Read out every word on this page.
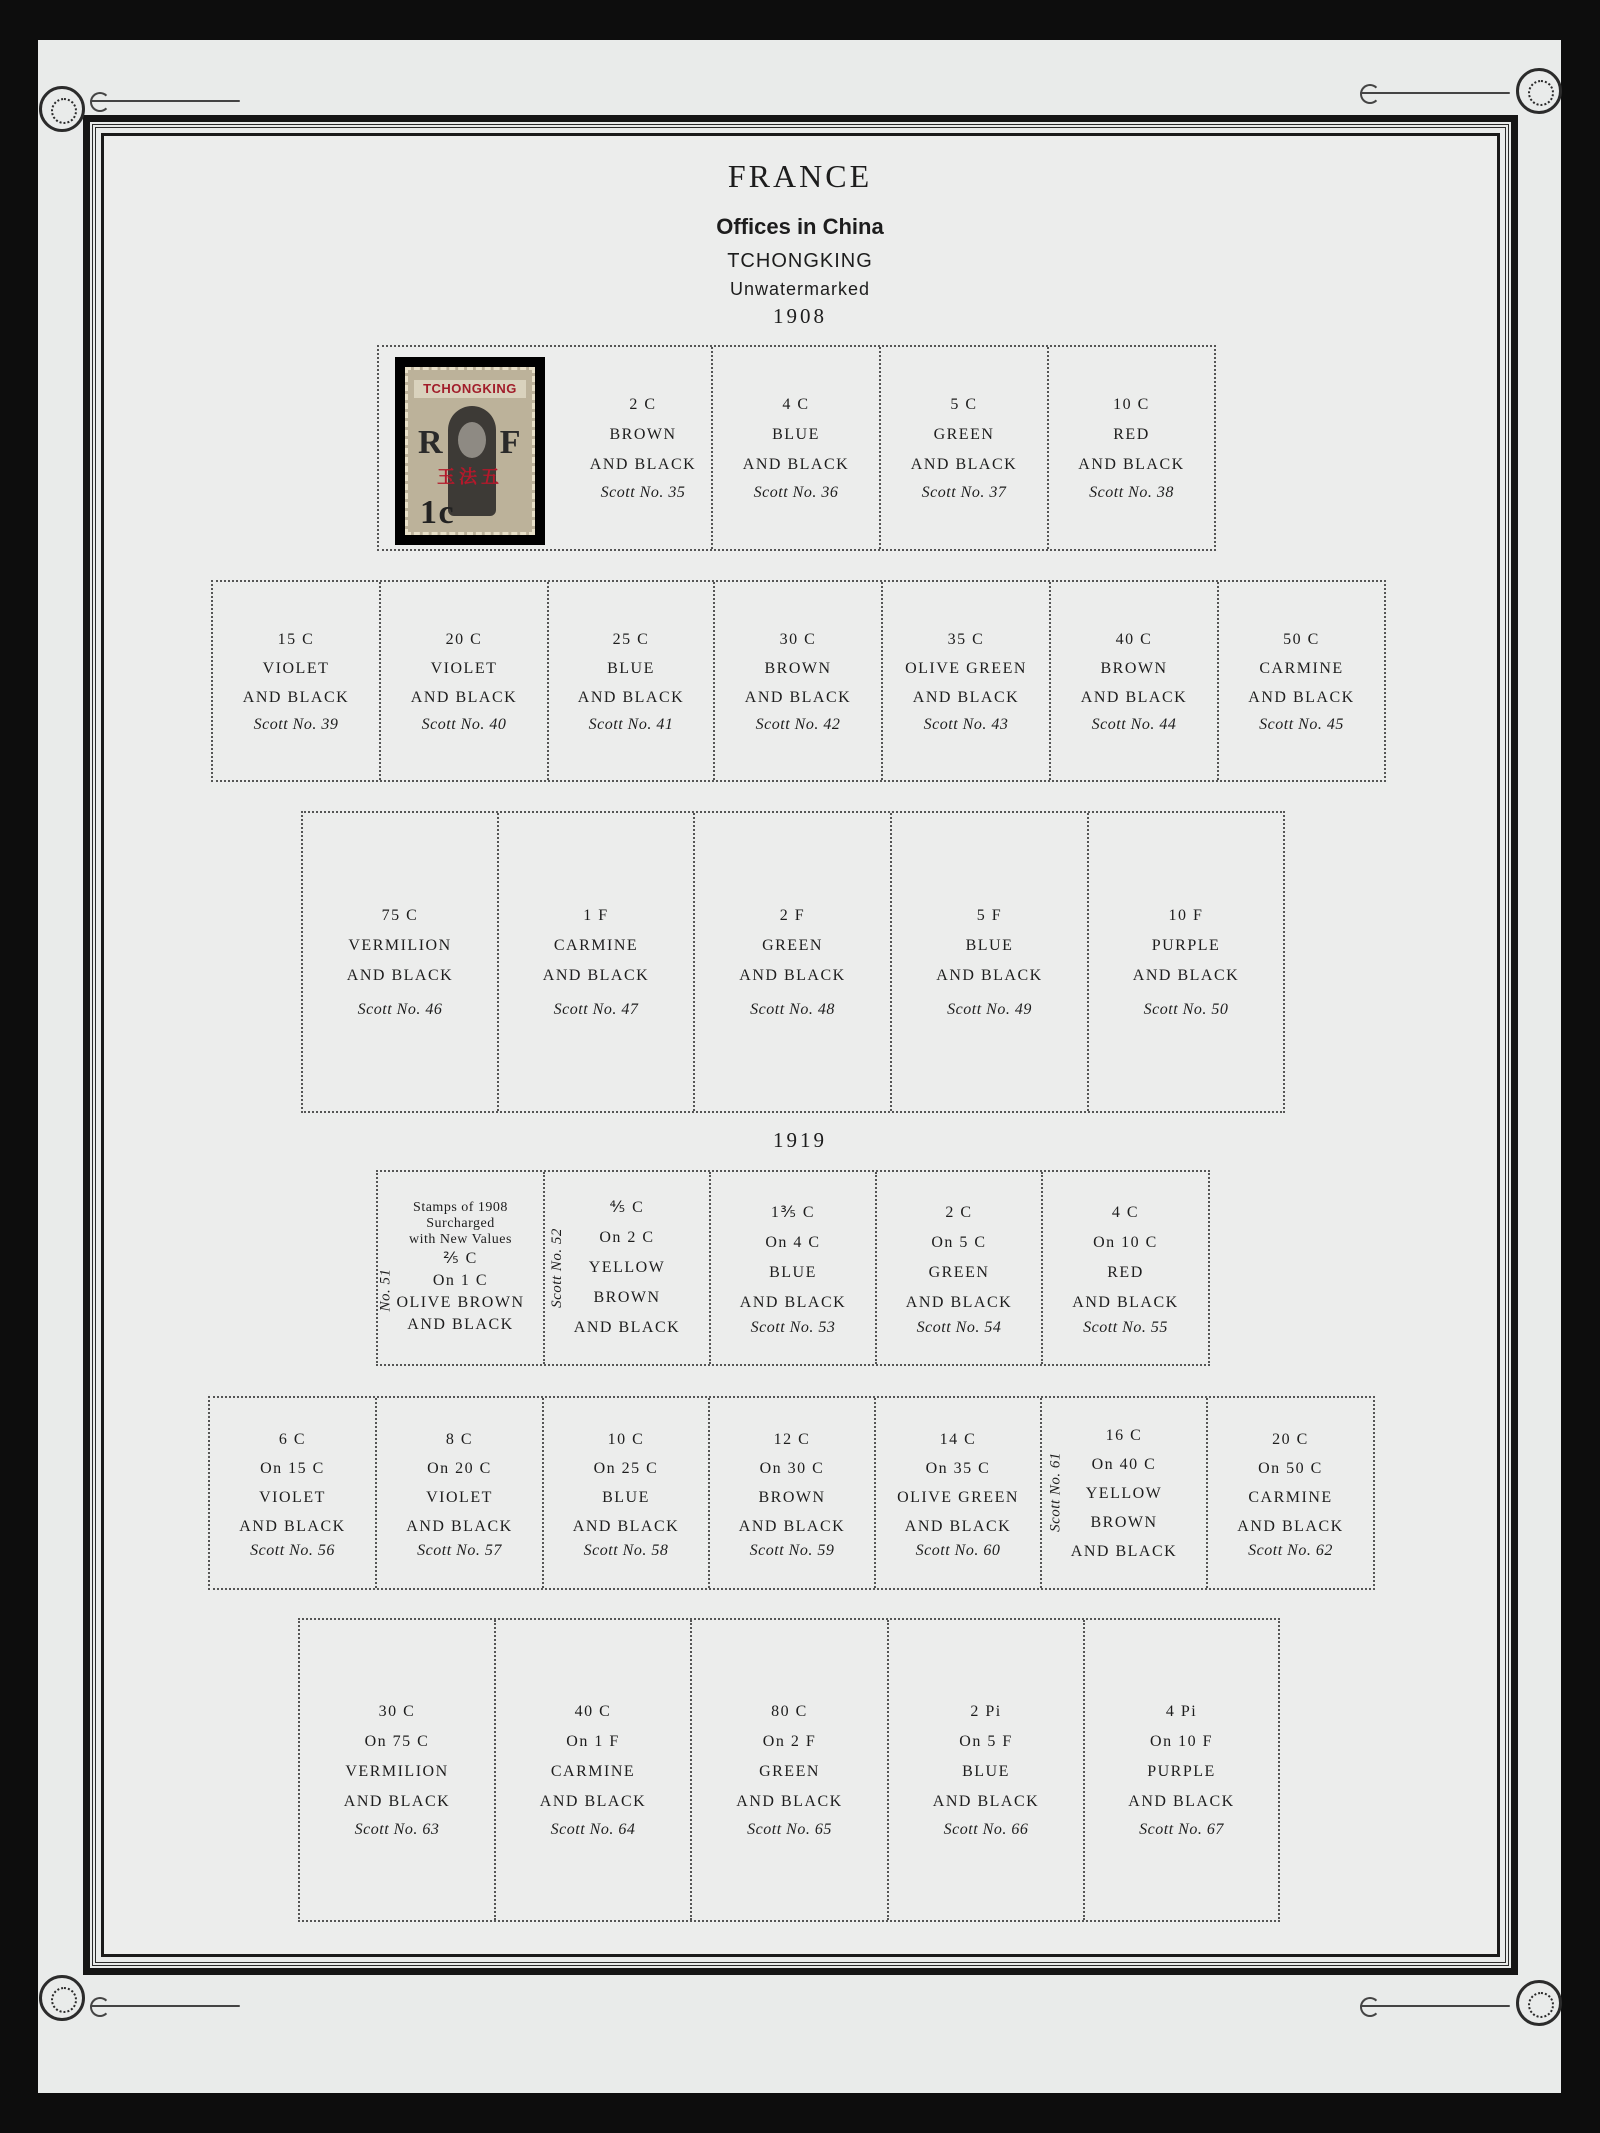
FRANCE
Offices in China
TCHONGKING
Unwatermarked
1908
1919
TCHONGKING
R F
玉法五
1c
2 C
BROWN
AND BLACK
Scott No. 35
4 C
BLUE
AND BLACK
Scott No. 36
5 C
GREEN
AND BLACK
Scott No. 37
10 C
RED
AND BLACK
Scott No. 38
15 C
VIOLET
AND BLACK
Scott No. 39
20 C
VIOLET
AND BLACK
Scott No. 40
25 C
BLUE
AND BLACK
Scott No. 41
30 C
BROWN
AND BLACK
Scott No. 42
35 C
OLIVE GREEN
AND BLACK
Scott No. 43
40 C
BROWN
AND BLACK
Scott No. 44
50 C
CARMINE
AND BLACK
Scott No. 45
75 C
VERMILION
AND BLACK
Scott No. 46
1 F
CARMINE
AND BLACK
Scott No. 47
2 F
GREEN
AND BLACK
Scott No. 48
5 F
BLUE
AND BLACK
Scott No. 49
10 F
PURPLE
AND BLACK
Scott No. 50
Stamps of 1908
Surcharged
with New Values
⅖ C
On 1 C
OLIVE BROWN
AND BLACK
No. 51
⅘ C
On 2 C
YELLOW
BROWN
AND BLACK
Scott No. 52
1⅗ C
On 4 C
BLUE
AND BLACK
Scott No. 53
2 C
On 5 C
GREEN
AND BLACK
Scott No. 54
4 C
On 10 C
RED
AND BLACK
Scott No. 55
6 C
On 15 C
VIOLET
AND BLACK
Scott No. 56
8 C
On 20 C
VIOLET
AND BLACK
Scott No. 57
10 C
On 25 C
BLUE
AND BLACK
Scott No. 58
12 C
On 30 C
BROWN
AND BLACK
Scott No. 59
14 C
On 35 C
OLIVE GREEN
AND BLACK
Scott No. 60
16 C
On 40 C
YELLOW
BROWN
AND BLACK
Scott No. 61
20 C
On 50 C
CARMINE
AND BLACK
Scott No. 62
30 C
On 75 C
VERMILION
AND BLACK
Scott No. 63
40 C
On 1 F
CARMINE
AND BLACK
Scott No. 64
80 C
On 2 F
GREEN
AND BLACK
Scott No. 65
2 Pi
On 5 F
BLUE
AND BLACK
Scott No. 66
4 Pi
On 10 F
PURPLE
AND BLACK
Scott No. 67
